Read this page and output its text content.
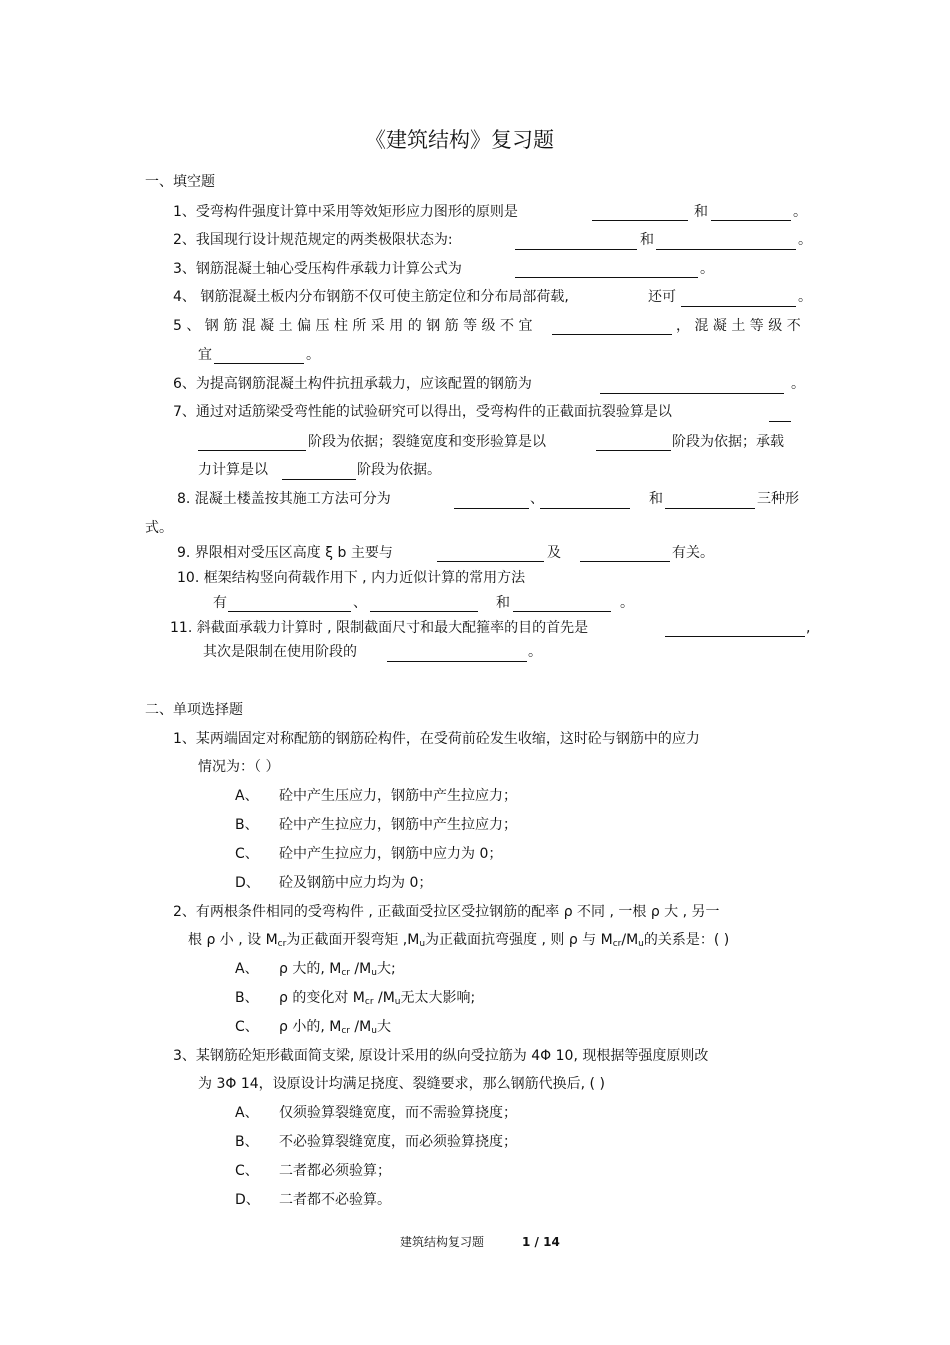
《建筑结构》复习题
一、填空题
1、受弯构件强度计算中采用等效矩形应力图形的原则是	和	。
2、我国现行设计规范规定的两类极限状态为:	和	。
3、钢筋混凝土轴心受压构件承载力计算公式为	。
4、 钢筋混凝土板内分布钢筋不仅可使主筋定位和分布局部荷载,	还可	。
5 、 钢 筋 混 凝 土 偏 压 柱 所 采 用 的 钢 筋 等 级 不 宜	， 混 凝 土 等 级 不
宜	。
6、为提高钢筋混凝土构件抗扭承载力，应该配置的钢筋为	。
7、通过对适筋梁受弯性能的试验研究可以得出，受弯构件的正截面抗裂验算是以
阶段为依据；裂缝宽度和变形验算是以	阶段为依据；承载
力计算是以	阶段为依据。
8. 混凝土楼盖按其施工方法可分为	、	和	三种形
式。
9. 界限相对受压区高度 ξ b 主要与	及	有关。
10. 框架结构竖向荷载作用下 , 内力近似计算的常用方法
有	、	和	。
11. 斜截面承载力计算时 , 限制截面尺寸和最大配箍率的目的首先是	,
其次是限制在使用阶段的	。
二、单项选择题
1、某两端固定对称配筋的钢筋砼构件，在受荷前砼发生收缩，这时砼与钢筋中的应力
情况为：（ ）
A、 砼中产生压应力，钢筋中产生拉应力；
B、 砼中产生拉应力，钢筋中产生拉应力；
C、 砼中产生拉应力，钢筋中应力为 0；
D、 砼及钢筋中应力均为 0；
2、有两根条件相同的受弯构件 , 正截面受拉区受拉钢筋的配率 ρ 不同 , 一根 ρ 大 , 另一
根 ρ 小 , 设 $M_{cr}$为正截面开裂弯矩 $,M_u$为正截面抗弯强度 , 则 ρ 与 $M_{cr}/M_u$的关系是：( )
A、 ρ 大的, $M_{cr}$ $/M_u$大;
B、 ρ 的变化对 $M_{cr}$ $/M_u$无太大影响;
C、 ρ 小的, $M_{cr}$ $/M_u$大
3、某钢筋砼矩形截面简支梁, 原设计采用的纵向受拉筋为 4Φ 10, 现根据等强度原则改
为 3Φ 14，设原设计均满足挠度、裂缝要求，那么钢筋代换后, ( )
A、 仅须验算裂缝宽度，而不需验算挠度；
B、 不必验算裂缝宽度，而必须验算挠度；
C、 二者都必须验算；
D、 二者都不必验算。
建筑结构复习题	1 / 14
